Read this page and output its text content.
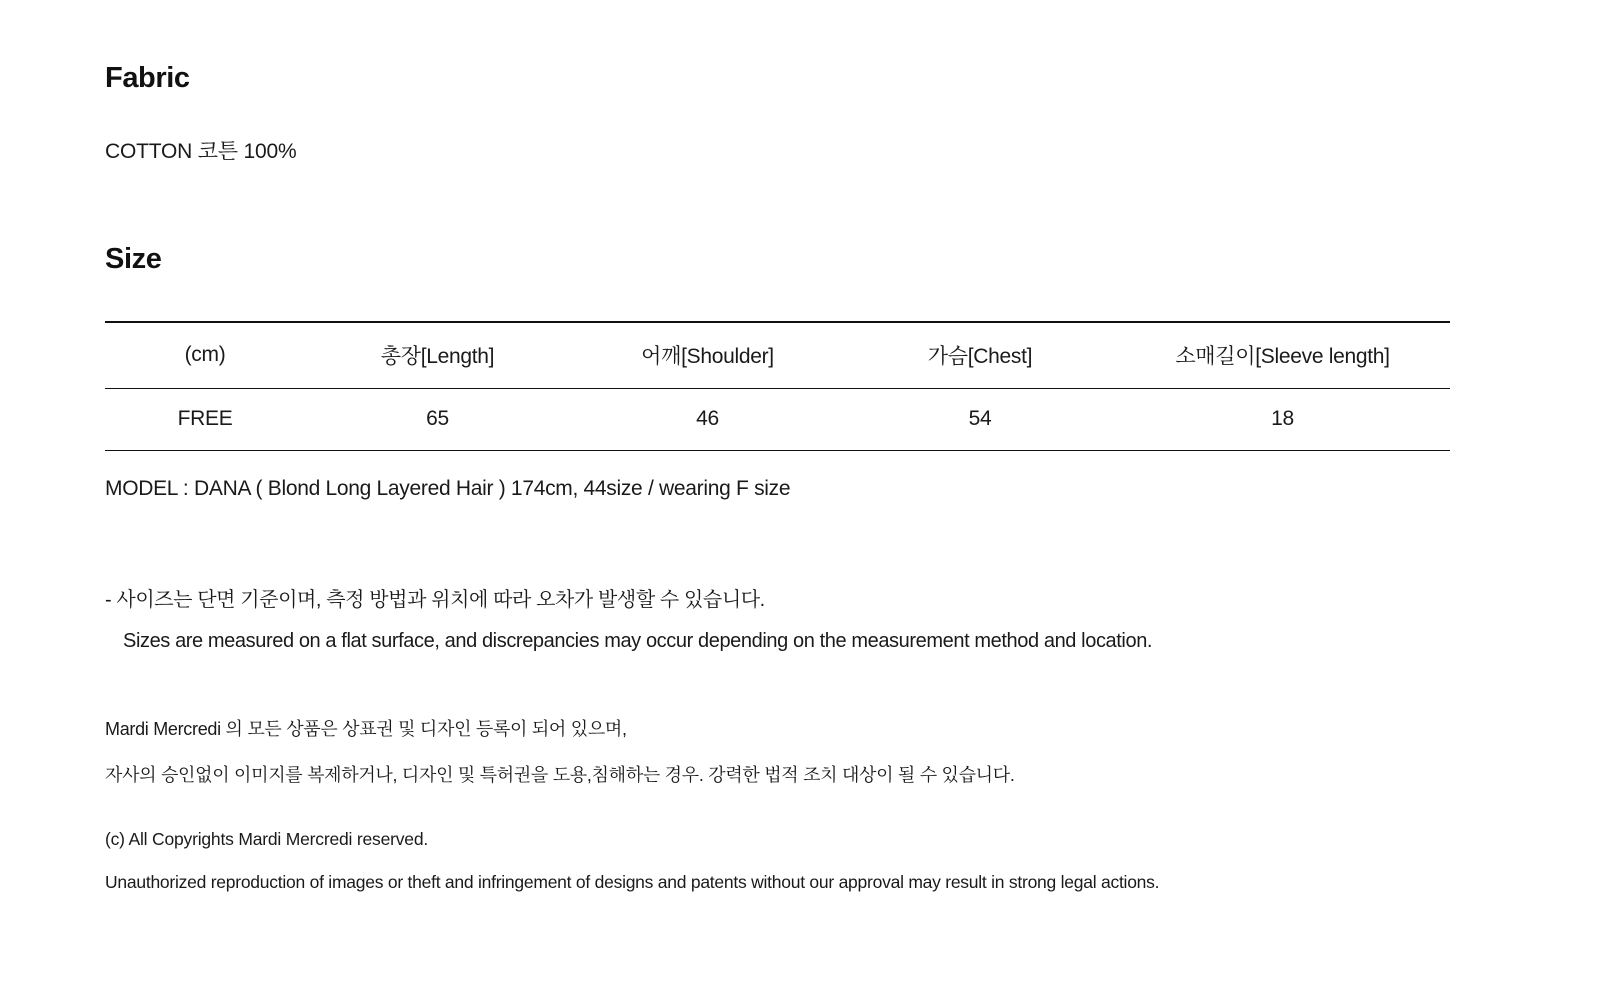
Fabric

COTTON 코튼 100%

Size
(cm)	총장[Length]	어깨[Shoulder]	가슴[Chest]	소매길이[Sleeve length]
FREE	65	46	54	18

MODEL : DANA ( Blond Long Layered Hair ) 174cm, 44size / wearing F size

- 사이즈는 단면 기준이며, 측정 방법과 위치에 따라 오차가 발생할 수 있습니다.

Sizes are measured on a flat surface, and discrepancies may occur depending on the measurement method and location.

Mardi Mercredi 의 모든 상품은 상표권 및 디자인 등록이 되어 있으며,

자사의 승인없이 이미지를 복제하거나, 디자인 및 특허권을 도용,침해하는 경우. 강력한 법적 조치 대상이 될 수 있습니다.

(c) All Copyrights Mardi Mercredi reserved.

Unauthorized reproduction of images or theft and infringement of designs and patents without our approval may result in strong legal actions.
